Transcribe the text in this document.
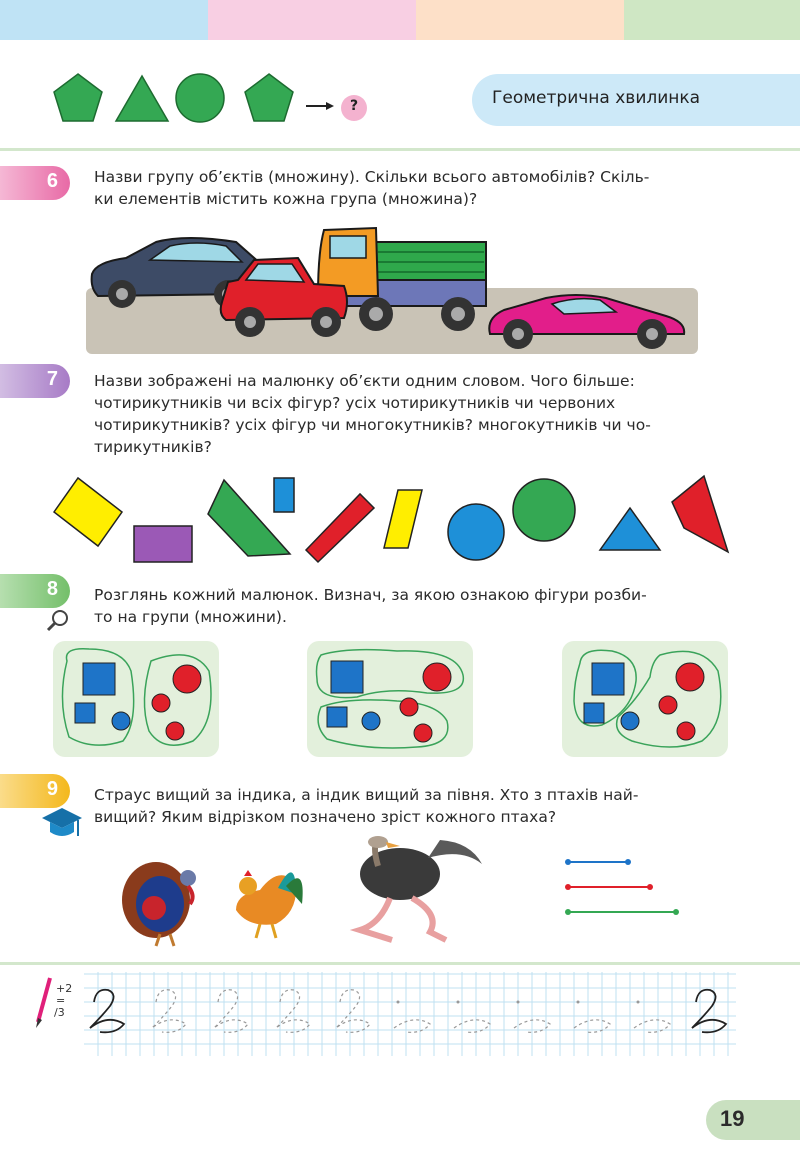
?	Геометрична хвилинка
6 Назви групу об’єктів (множину). Скільки всього автомобілів? Скіль-
ки елементів містить кожна група (множина)?
7 Назви зображені на малюнку об’єкти одним словом. Чого більше:
чотирикутників чи всіх фігур? усіх чотирикутників чи червоних
чотирикутників? усіх фігур чи многокутників? многокутників чи чо-
тирикутників?
8 Розглянь кожний малюнок. Визнач, за якою ознакою фігури розби-
то на групи (множини).
9 Страус вищий за індика, а індик вищий за півня. Хто з птахів най-
вищий? Яким відрізком позначено зріст кожного птаха?
+2
=
/3
19
